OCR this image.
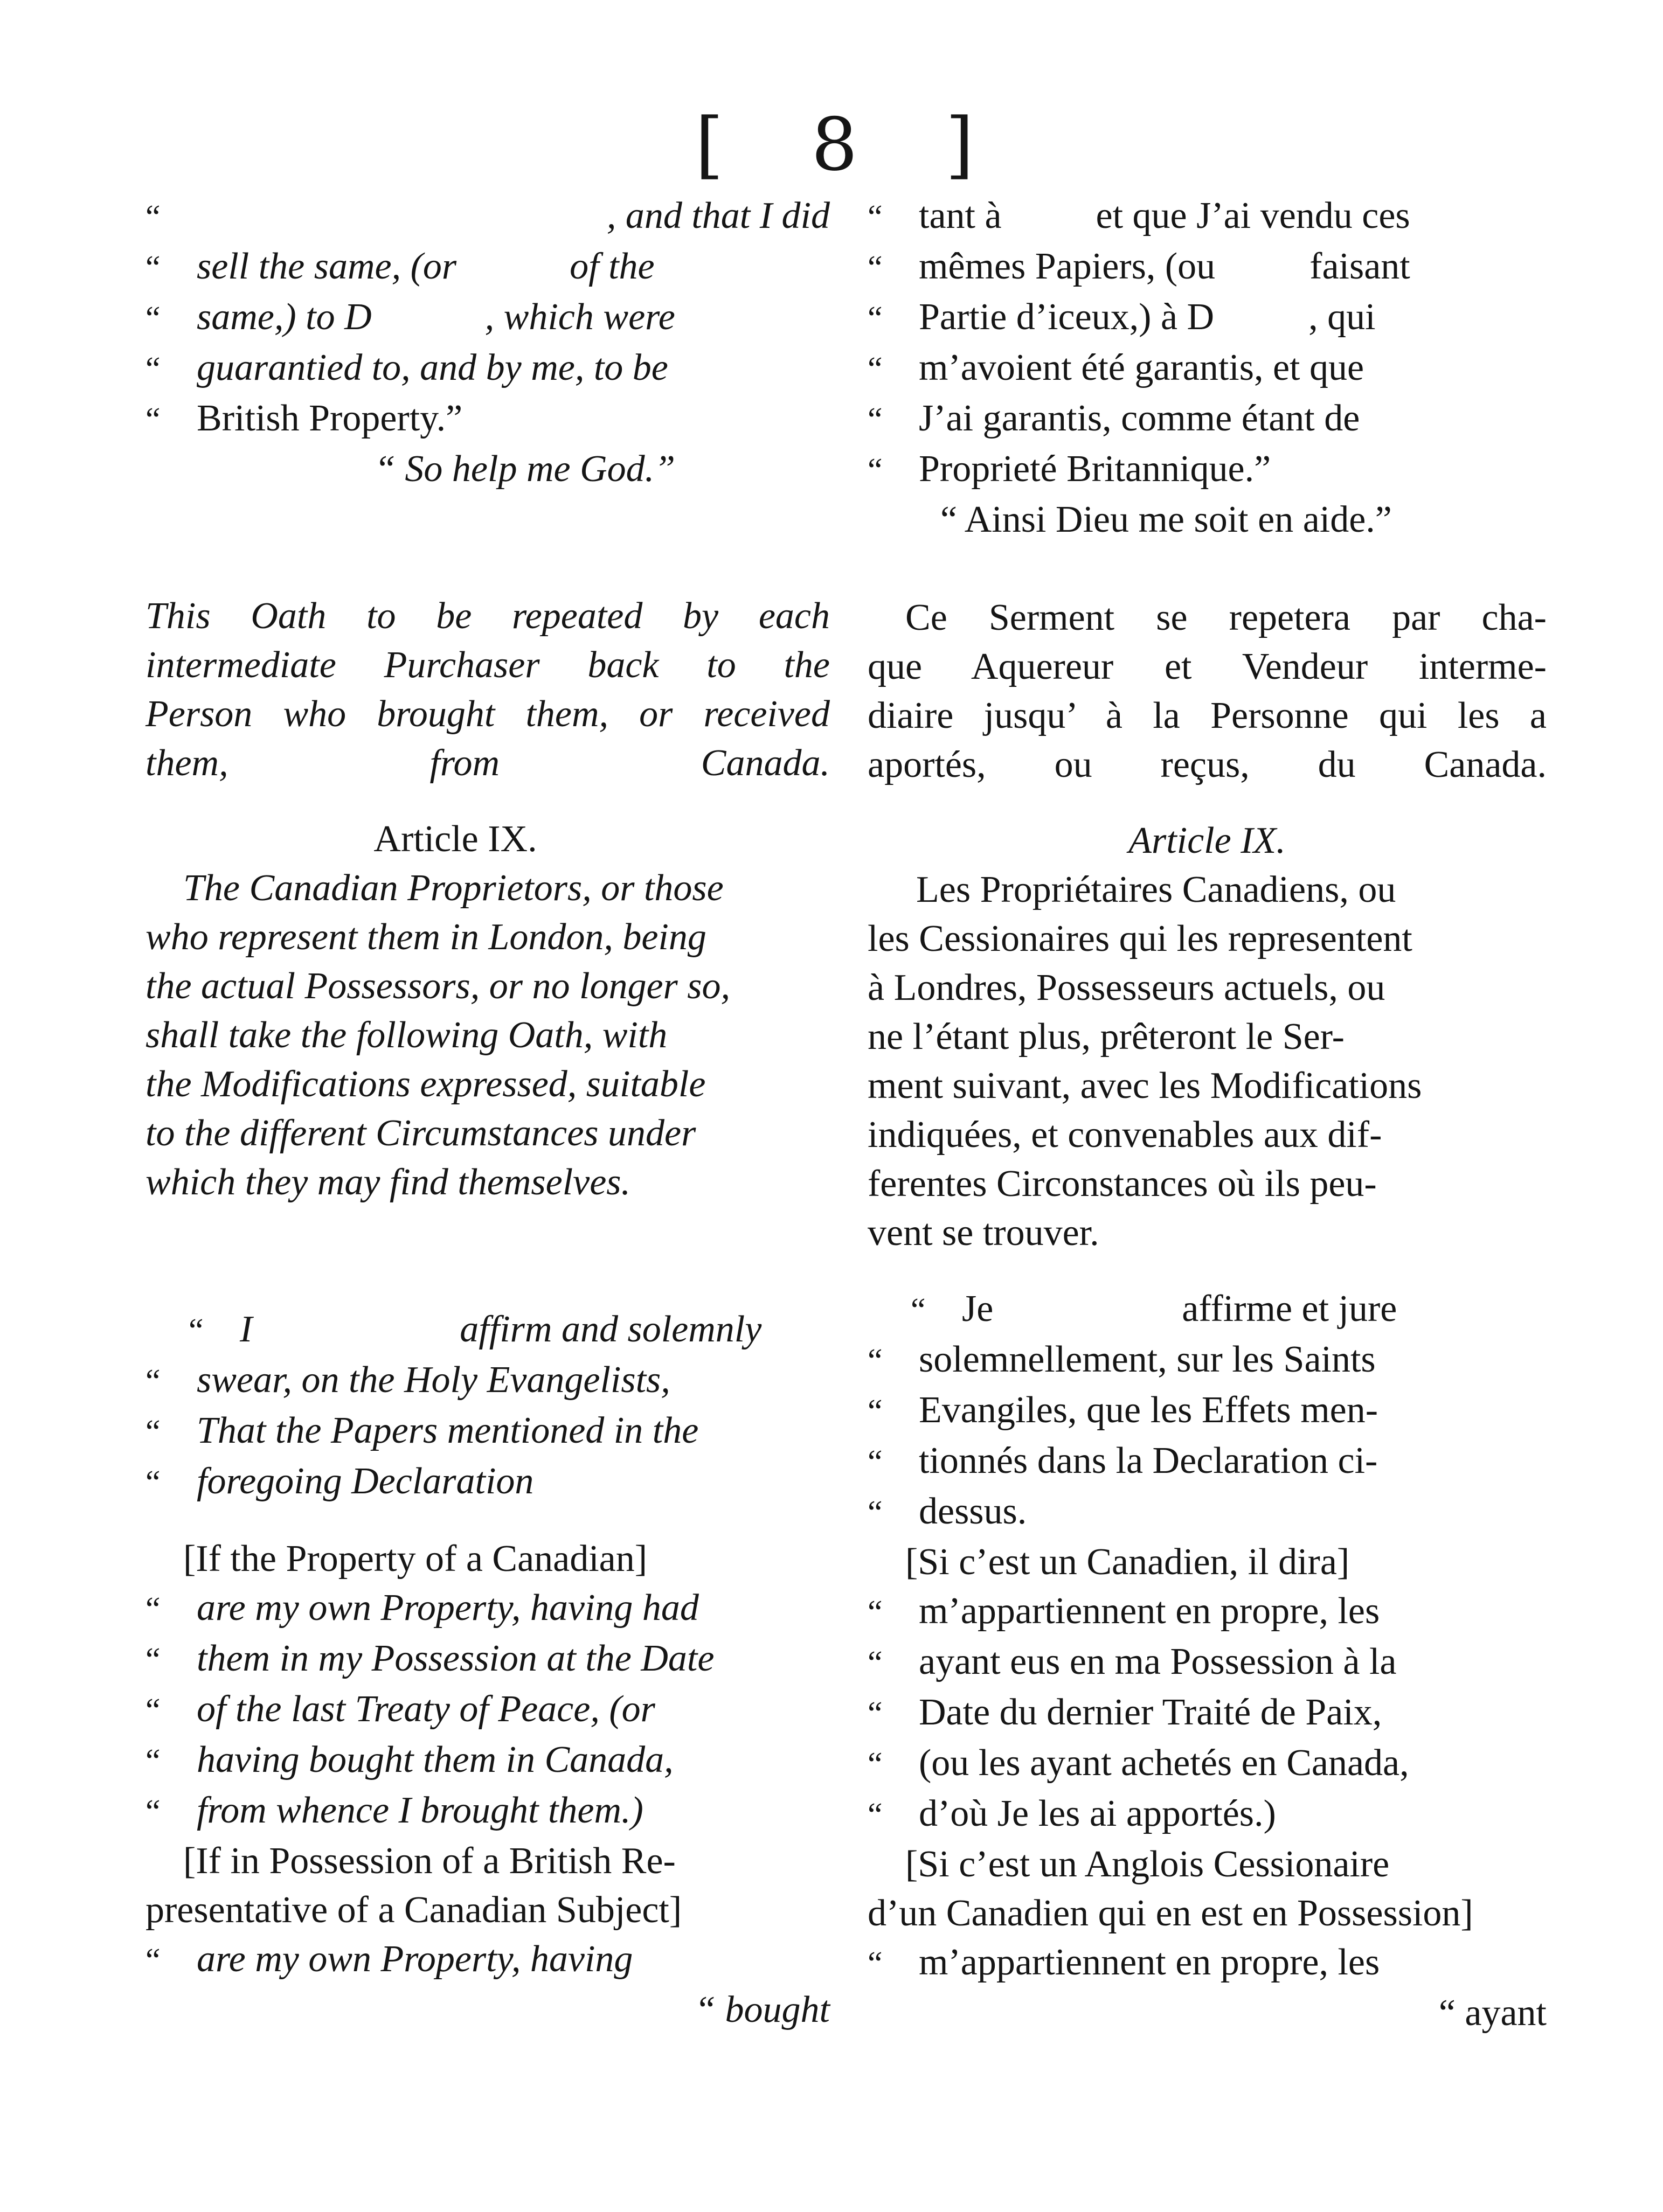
[ 8 ]
“	, and that I did
“ sell the same, (or            of the
“ same,) to D            , which were
“ guarantied to, and by me, to be
“ British Property.”
“ So help me God.”
This Oath to be repeated by each
intermediate Purchaser back to the
Person who brought them, or received
them, from Canada.
Article IX.
The Canadian Proprietors, or those
who represent them in London, being
the actual Possessors, or no longer so,
shall take the following Oath, with
the Modifications expressed, suitable
to the different Circumstances under
which they may find themselves.
“ I                      affirm and solemnly
“ swear, on the Holy Evangelists,
“ That the Papers mentioned in the
“ foregoing Declaration
[If the Property of a Canadian]
“ are my own Property, having had
“ them in my Possession at the Date
“ of the last Treaty of Peace, (or
“ having bought them in Canada,
“ from whence I brought them.)
[If in Possession of a British Re-
presentative of a Canadian Subject]
“ are my own Property, having
“ bought
“ tant à          et que J’ai vendu ces
“ mêmes Papiers, (ou          faisant
“ Partie d’iceux,) à D          , qui
“ m’avoient été garantis, et que
“ J’ai garantis, comme étant de
“ Proprieté Britannique.”
“ Ainsi Dieu me soit en aide.”
Ce Serment se repetera par cha-
que Aquereur et Vendeur interme-
diaire jusqu’ à la Personne qui les a
aportés, ou reçus, du Canada.
Article IX.
Les Propriétaires Canadiens, ou
les Cessionaires qui les representent
à Londres, Possesseurs actuels, ou
ne l’étant plus, prêteront le Ser-
ment suivant, avec les Modifications
indiquées, et convenables aux dif-
ferentes Circonstances où ils peu-
vent se trouver.
“ Je                    affirme et jure
“ solemnellement, sur les Saints
“ Evangiles, que les Effets men-
“ tionnés dans la Declaration ci-
“ dessus.
[Si c’est un Canadien, il dira]
“ m’appartiennent en propre, les
“ ayant eus en ma Possession à la
“ Date du dernier Traité de Paix,
“ (ou les ayant achetés en Canada,
“ d’où Je les ai apportés.)
[Si c’est un Anglois Cessionaire
d’un Canadien qui en est en Possession]
“ m’appartiennent en propre, les
“ ayant
